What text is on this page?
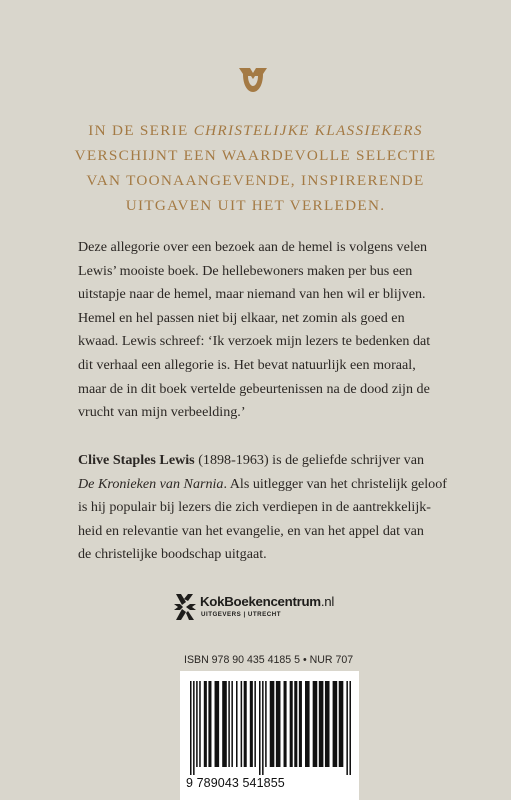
IN DE SERIE CHRISTELIJKE KLASSIEKERS

VERSCHIJNT EEN WAARDEVOLLE SELECTIE

VAN TOONAANGEVENDE, INSPIRERENDE

UITGAVEN UIT HET VERLEDEN.

Deze allegorie over een bezoek aan de hemel is volgens velen

Lewis’ mooiste boek. De hellebewoners maken per bus een

uitstapje naar de hemel, maar niemand van hen wil er blijven.

Hemel en hel passen niet bij elkaar, net zomin als goed en

kwaad. Lewis schreef: ‘Ik verzoek mijn lezers te bedenken dat

dit verhaal een allegorie is. Het bevat natuurlijk een moraal,

maar de in dit boek vertelde gebeurtenissen na de dood zijn de

vrucht van mijn verbeelding.’

Clive Staples Lewis (1898-1963) is de geliefde schrijver van

De Kronieken van Narnia. Als uitlegger van het christelijk geloof

is hij populair bij lezers die zich verdiepen in de aantrekkelijk-

heid en relevantie van het evangelie, en van het appel dat van

de christelijke boodschap uitgaat.

KokBoekencentrum.nl
UITGEVERS | UTRECHT
ISBN 978 90 435 4185 5 • NUR 707
9 789043 541855
